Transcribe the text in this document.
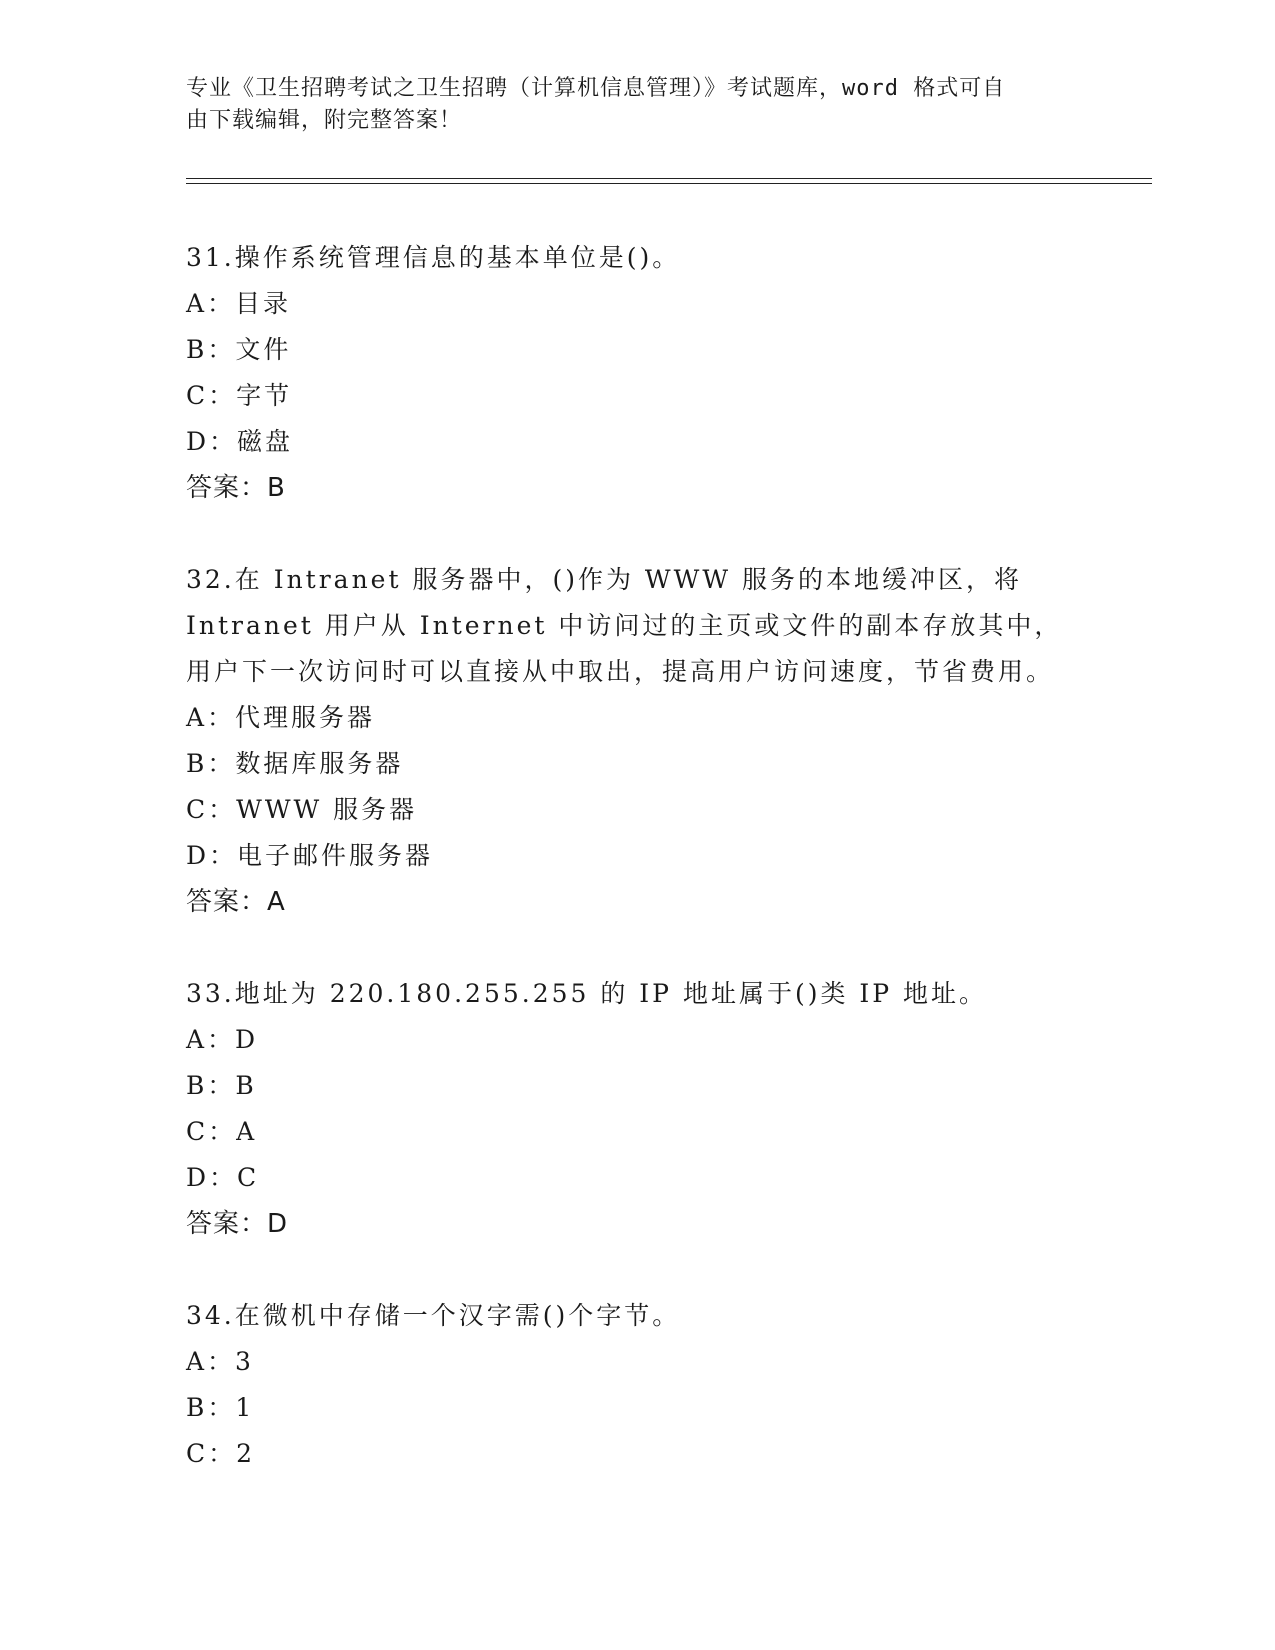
专业《卫生招聘考试之卫生招聘（计算机信息管理）》考试题库，word 格式可自
由下载编辑，附完整答案！
31.操作系统管理信息的基本单位是()。
A：目录
B：文件
C：字节
D：磁盘
答案：B
32.在 Intranet 服务器中，()作为 WWW 服务的本地缓冲区，将Intranet 用户从 Internet 中访问过的主页或文件的副本存放其中，用户下一次访问时可以直接从中取出，提高用户访问速度，节省费用。
A：代理服务器
B：数据库服务器
C：WWW 服务器
D：电子邮件服务器
答案：A
33.地址为 220.180.255.255 的 IP 地址属于()类 IP 地址。
A：D
B：B
C：A
D：C
答案：D
34.在微机中存储一个汉字需()个字节。
A：3
B：1
C：2
